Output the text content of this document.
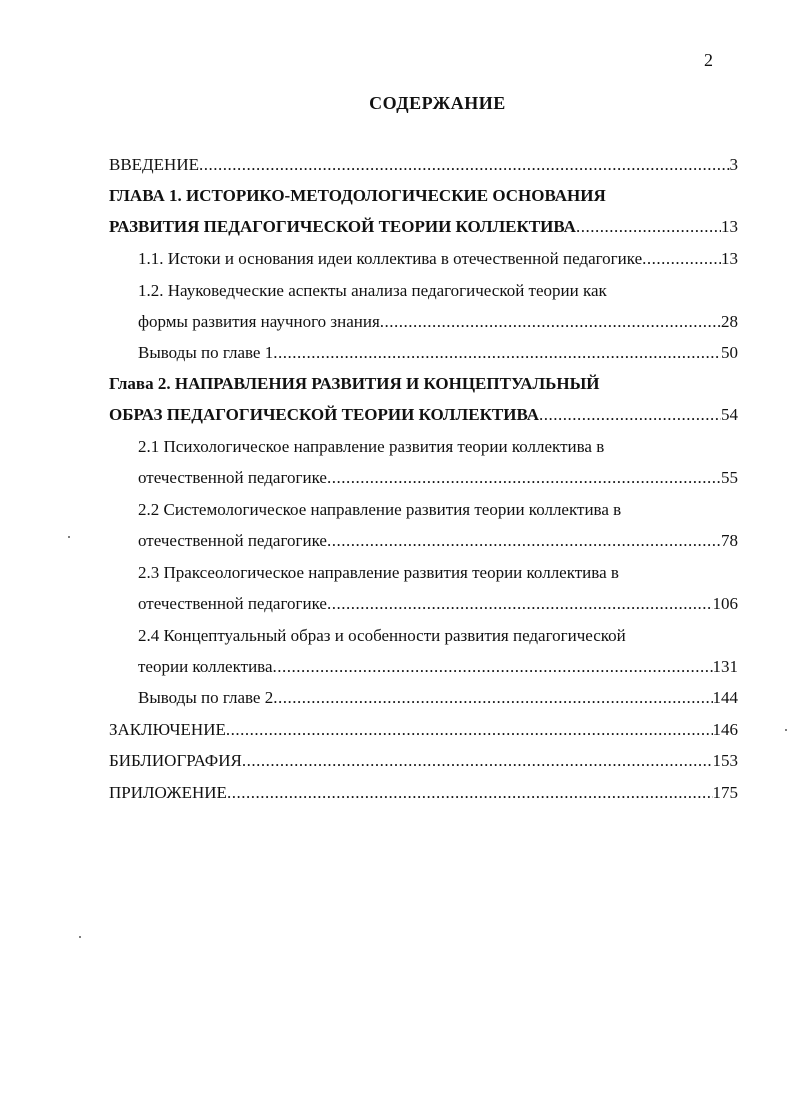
2
СОДЕРЖАНИЕ
ВВЕДЕНИЕ .....	3
ГЛАВА 1. ИСТОРИКО-МЕТОДОЛОГИЧЕСКИЕ ОСНОВАНИЯ
РАЗВИТИЯ ПЕДАГОГИЧЕСКОЙ ТЕОРИИ КОЛЛЕКТИВА .....	13
1.1. Истоки и основания идеи коллектива в отечественной педагогике .....	13
1.2. Науковедческие аспекты анализа педагогической теории как
формы развития научного знания .....	28
Выводы по главе 1 .....	50
Глава 2. НАПРАВЛЕНИЯ РАЗВИТИЯ И КОНЦЕПТУАЛЬНЫЙ
ОБРАЗ ПЕДАГОГИЧЕСКОЙ ТЕОРИИ КОЛЛЕКТИВА .....	54
2.1 Психологическое направление развития теории коллектива в
отечественной педагогике .....	55
2.2 Системологическое направление развития теории коллектива в
отечественной педагогике .....	78
2.3 Праксеологическое направление развития теории коллектива в
отечественной педагогике .....	106
2.4 Концептуальный образ и особенности развития педагогической
теории коллектива .....	131
Выводы по главе 2 .....	144
ЗАКЛЮЧЕНИЕ .....	146
БИБЛИОГРАФИЯ .....	153
ПРИЛОЖЕНИЕ .....	175
